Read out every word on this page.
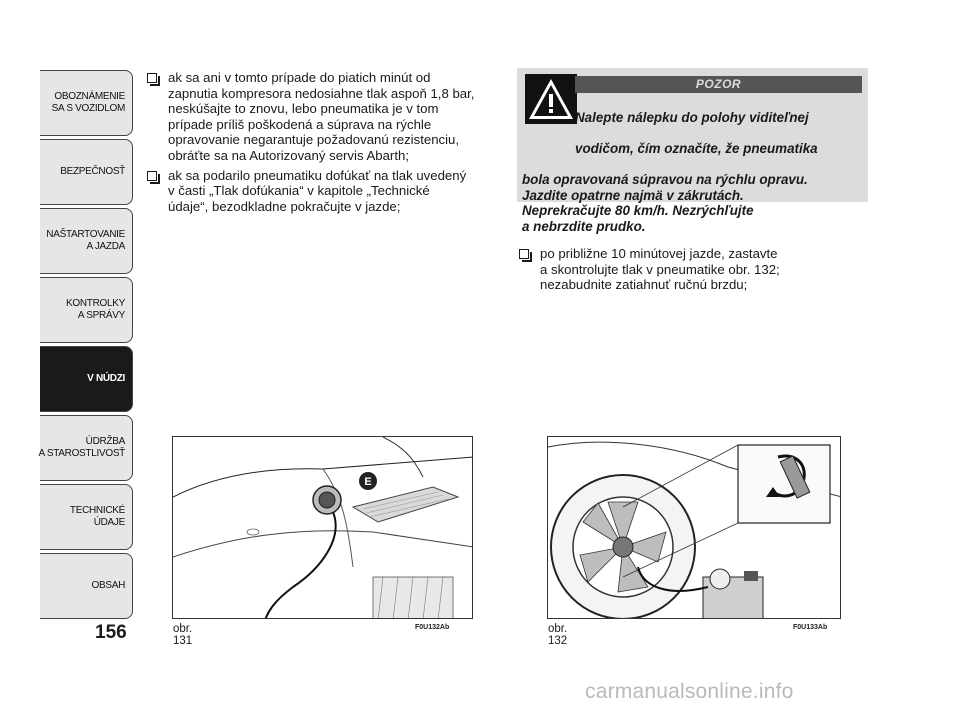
OBOZNÁMENIE
SA S VOZIDLOM
BEZPEČNOSŤ
NAŠTARTOVANIE
A JAZDA
KONTROLKY
A SPRÁVY
V NÚDZI
ÚDRŽBA
A STAROSTLIVOSŤ
TECHNICKÉ
ÚDAJE
OBSAH
156
ak sa ani v tomto prípade do piatich minút od
zapnutia kompresora nedosiahne tlak aspoň 1,8 bar,
neskúšajte to znovu, lebo pneumatika je v tom
prípade príliš poškodená a súprava na rýchle
opravovanie negarantuje požadovanú rezistenciu,
obráťte sa na Autorizovaný servis Abarth;
ak sa podarilo pneumatiku dofúkať na tlak uvedený
v časti „Tlak dofúkania“ v kapitole „Technické
údaje“, bezodkladne pokračujte v jazde;
POZOR

Nalepte nálepku do polohy viditeľnej

vodičom, čím označíte, že pneumatika

bola opravovaná súpravou na rýchlu opravu.
Jazdite opatrne najmä v zákrutách.
Neprekračujte 80 km/h. Nezrýchľujte
a nebrzdite prudko.

po približne 10 minútovej jazde, zastavte
a skontrolujte tlak v pneumatike obr. 132;
nezabudnite zatiahnuť ručnú brzdu;
E
obr. 131
F0U132Ab	obr. 132
F0U133Ab
carmanualsonline.info
